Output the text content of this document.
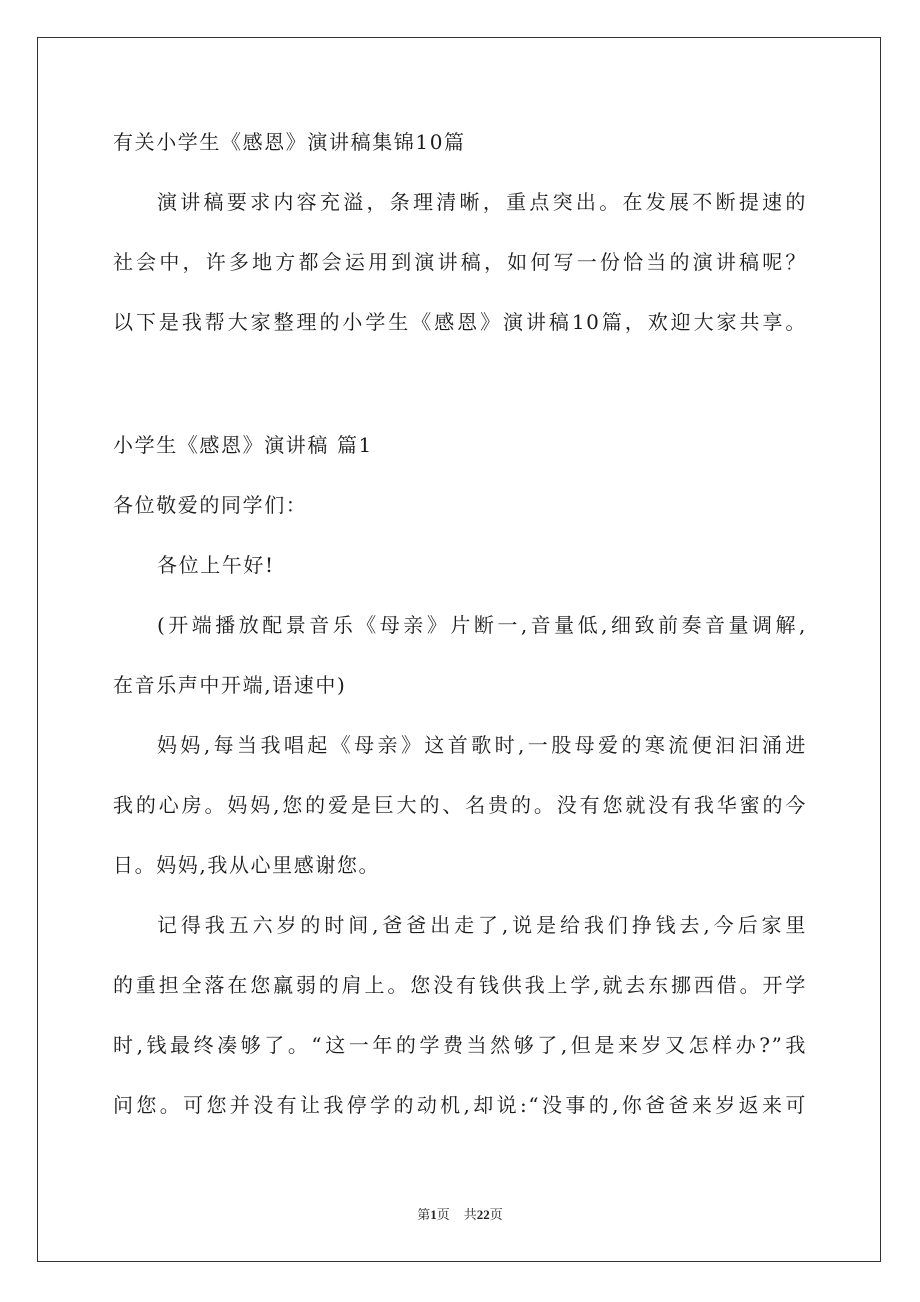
有关小学生《感恩》演讲稿集锦10篇
演讲稿要求内容充溢，条理清晰，重点突出。在发展不断提速的
社会中，许多地方都会运用到演讲稿，如何写一份恰当的演讲稿呢？
以下是我帮大家整理的小学生《感恩》演讲稿10篇，欢迎大家共享。
小学生《感恩》演讲稿 篇1
各位敬爱的同学们：
各位上午好!
(开端播放配景音乐《母亲》片断一,音量低,细致前奏音量调解,
在音乐声中开端,语速中)
妈妈,每当我唱起《母亲》这首歌时,一股母爱的寒流便汩汩涌进
我的心房。妈妈,您的爱是巨大的、名贵的。没有您就没有我华蜜的今
日。妈妈,我从心里感谢您。
记得我五六岁的时间,爸爸出走了,说是给我们挣钱去,今后家里
的重担全落在您羸弱的肩上。您没有钱供我上学,就去东挪西借。开学
时,钱最终凑够了。“这一年的学费当然够了,但是来岁又怎样办?”我
问您。可您并没有让我停学的动机,却说:“没事的,你爸爸来岁返来可
第1页 共22页
